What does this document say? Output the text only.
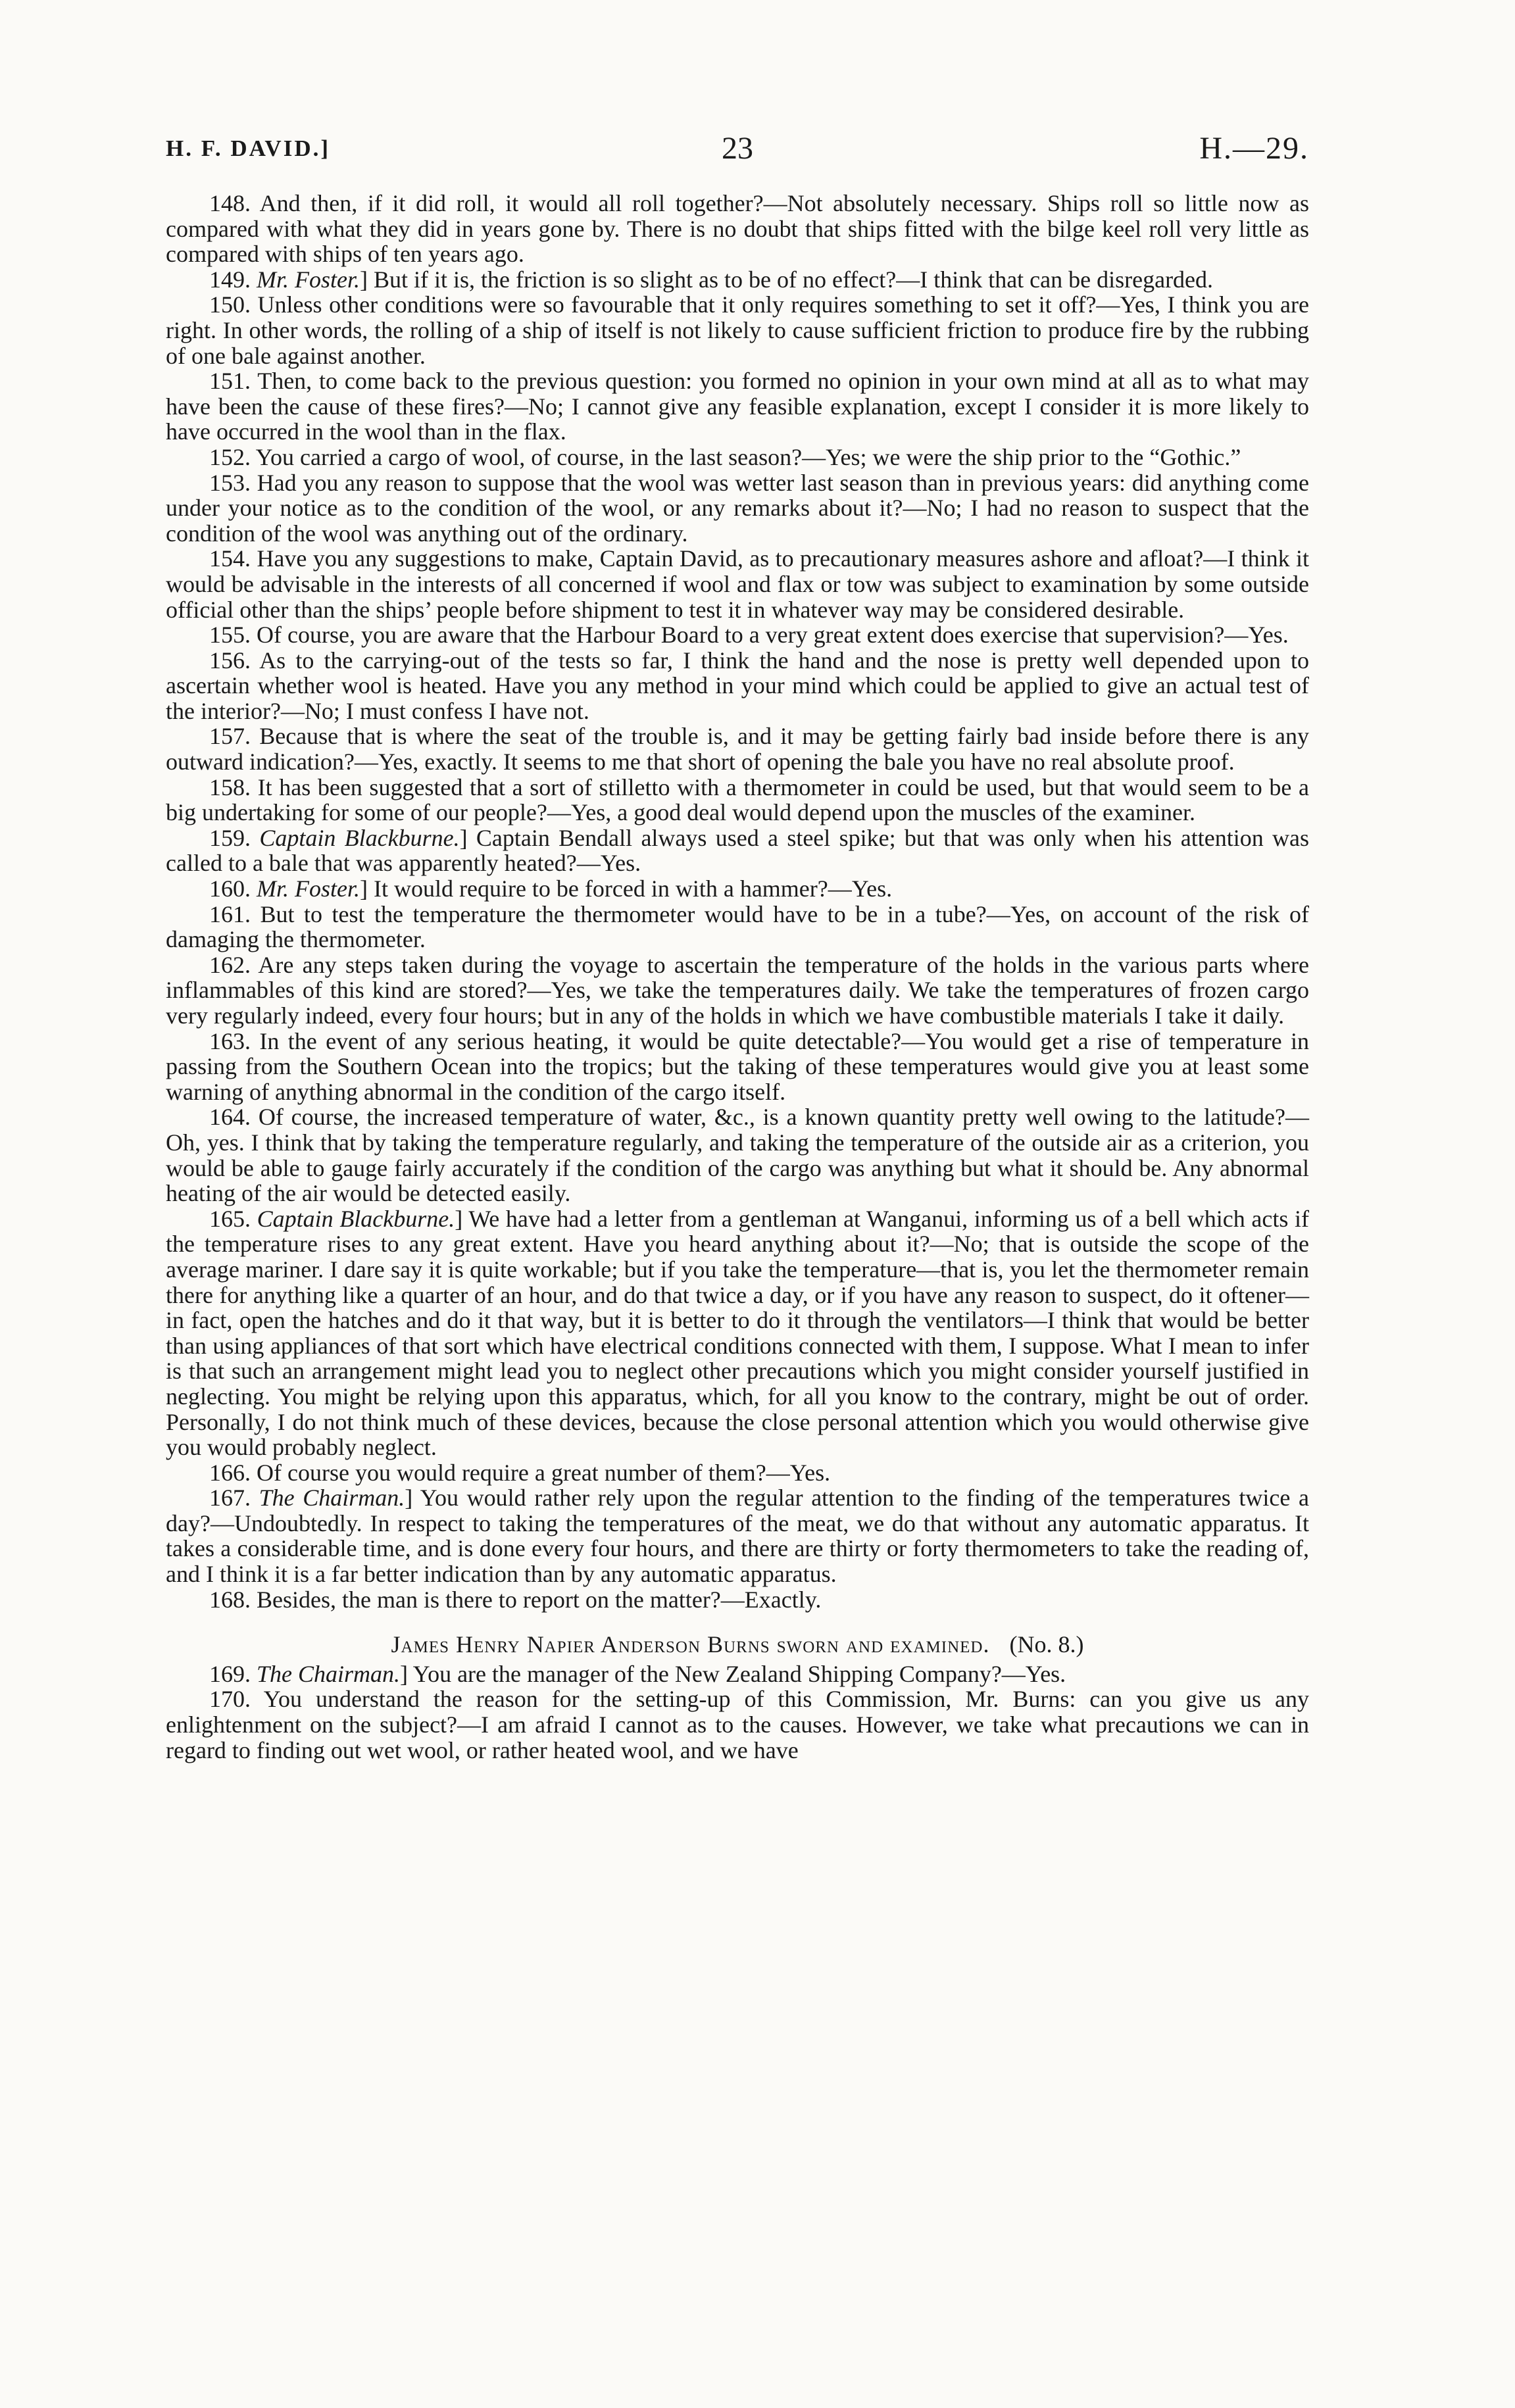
H. F. DAVID.]	23	H.—29.

148. And then, if it did roll, it would all roll together?—Not absolutely necessary. Ships roll so little now as compared with what they did in years gone by. There is no doubt that ships fitted with the bilge keel roll very little as compared with ships of ten years ago.

149. Mr. Foster.] But if it is, the friction is so slight as to be of no effect?—I think that can be disregarded.

150. Unless other conditions were so favourable that it only requires something to set it off?—Yes, I think you are right. In other words, the rolling of a ship of itself is not likely to cause sufficient friction to produce fire by the rubbing of one bale against another.

151. Then, to come back to the previous question: you formed no opinion in your own mind at all as to what may have been the cause of these fires?—No; I cannot give any feasible explanation, except I consider it is more likely to have occurred in the wool than in the flax.

152. You carried a cargo of wool, of course, in the last season?—Yes; we were the ship prior to the “Gothic.”

153. Had you any reason to suppose that the wool was wetter last season than in previous years: did anything come under your notice as to the condition of the wool, or any remarks about it?—No; I had no reason to suspect that the condition of the wool was anything out of the ordinary.

154. Have you any suggestions to make, Captain David, as to precautionary measures ashore and afloat?—I think it would be advisable in the interests of all concerned if wool and flax or tow was subject to examination by some outside official other than the ships’ people before shipment to test it in whatever way may be considered desirable.

155. Of course, you are aware that the Harbour Board to a very great extent does exercise that supervision?—Yes.

156. As to the carrying-out of the tests so far, I think the hand and the nose is pretty well depended upon to ascertain whether wool is heated. Have you any method in your mind which could be applied to give an actual test of the interior?—No; I must confess I have not.

157. Because that is where the seat of the trouble is, and it may be getting fairly bad inside before there is any outward indication?—Yes, exactly. It seems to me that short of opening the bale you have no real absolute proof.

158. It has been suggested that a sort of stilletto with a thermometer in could be used, but that would seem to be a big undertaking for some of our people?—Yes, a good deal would depend upon the muscles of the examiner.

159. Captain Blackburne.] Captain Bendall always used a steel spike; but that was only when his attention was called to a bale that was apparently heated?—Yes.

160. Mr. Foster.] It would require to be forced in with a hammer?—Yes.

161. But to test the temperature the thermometer would have to be in a tube?—Yes, on account of the risk of damaging the thermometer.

162. Are any steps taken during the voyage to ascertain the temperature of the holds in the various parts where inflammables of this kind are stored?—Yes, we take the temperatures daily. We take the temperatures of frozen cargo very regularly indeed, every four hours; but in any of the holds in which we have combustible materials I take it daily.

163. In the event of any serious heating, it would be quite detectable?—You would get a rise of temperature in passing from the Southern Ocean into the tropics; but the taking of these temperatures would give you at least some warning of anything abnormal in the condition of the cargo itself.

164. Of course, the increased temperature of water, &c., is a known quantity pretty well owing to the latitude?—Oh, yes. I think that by taking the temperature regularly, and taking the temperature of the outside air as a criterion, you would be able to gauge fairly accurately if the condition of the cargo was anything but what it should be. Any abnormal heating of the air would be detected easily.

165. Captain Blackburne.] We have had a letter from a gentleman at Wanganui, informing us of a bell which acts if the temperature rises to any great extent. Have you heard anything about it?—No; that is outside the scope of the average mariner. I dare say it is quite workable; but if you take the temperature—that is, you let the thermometer remain there for anything like a quarter of an hour, and do that twice a day, or if you have any reason to suspect, do it oftener—in fact, open the hatches and do it that way, but it is better to do it through the ventilators—I think that would be better than using appliances of that sort which have electrical conditions connected with them, I suppose. What I mean to infer is that such an arrangement might lead you to neglect other precautions which you might consider yourself justified in neglecting. You might be relying upon this apparatus, which, for all you know to the contrary, might be out of order. Personally, I do not think much of these devices, because the close personal attention which you would otherwise give you would probably neglect.

166. Of course you would require a great number of them?—Yes.

167. The Chairman.] You would rather rely upon the regular attention to the finding of the temperatures twice a day?—Undoubtedly. In respect to taking the temperatures of the meat, we do that without any automatic apparatus. It takes a considerable time, and is done every four hours, and there are thirty or forty thermometers to take the reading of, and I think it is a far better indication than by any automatic apparatus.

168. Besides, the man is there to report on the matter?—Exactly.

James Henry Napier Anderson Burns sworn and examined. (No. 8.)

169. The Chairman.] You are the manager of the New Zealand Shipping Company?—Yes.

170. You understand the reason for the setting-up of this Commission, Mr. Burns: can you give us any enlightenment on the subject?—I am afraid I cannot as to the causes. However, we take what precautions we can in regard to finding out wet wool, or rather heated wool, and we have
